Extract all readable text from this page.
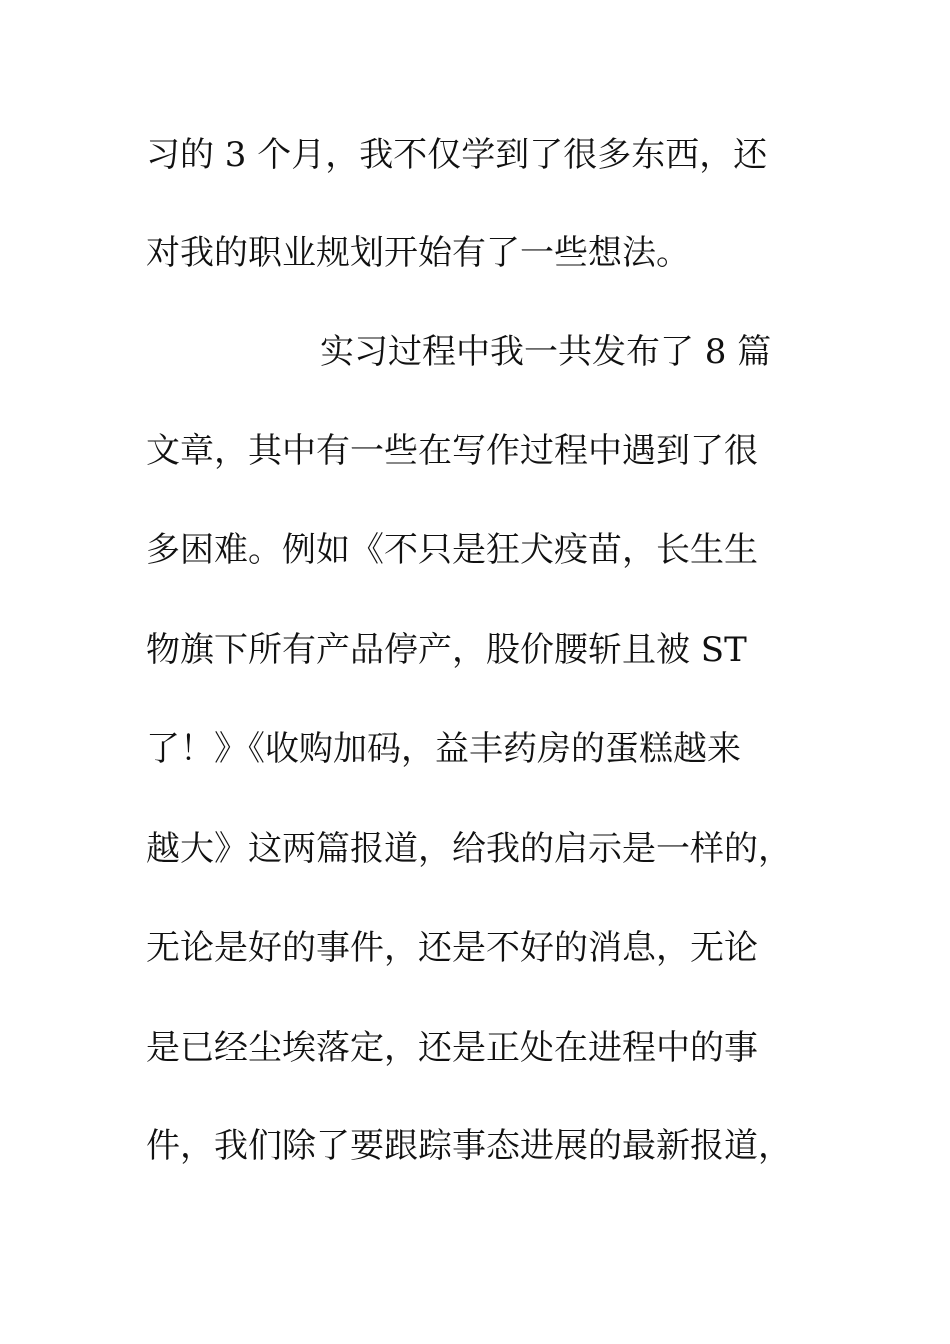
习的 3 个月，我不仅学到了很多东西，还
对我的职业规划开始有了一些想法。
实习过程中我一共发布了 8 篇
文章，其中有一些在写作过程中遇到了很
多困难。例如《不只是狂犬疫苗，长生生
物旗下所有产品停产，股价腰斩且被 ST
了！》《收购加码，益丰药房的蛋糕越来
越大》这两篇报道，给我的启示是一样的，
无论是好的事件，还是不好的消息，无论
是已经尘埃落定，还是正处在进程中的事
件，我们除了要跟踪事态进展的最新报道，
